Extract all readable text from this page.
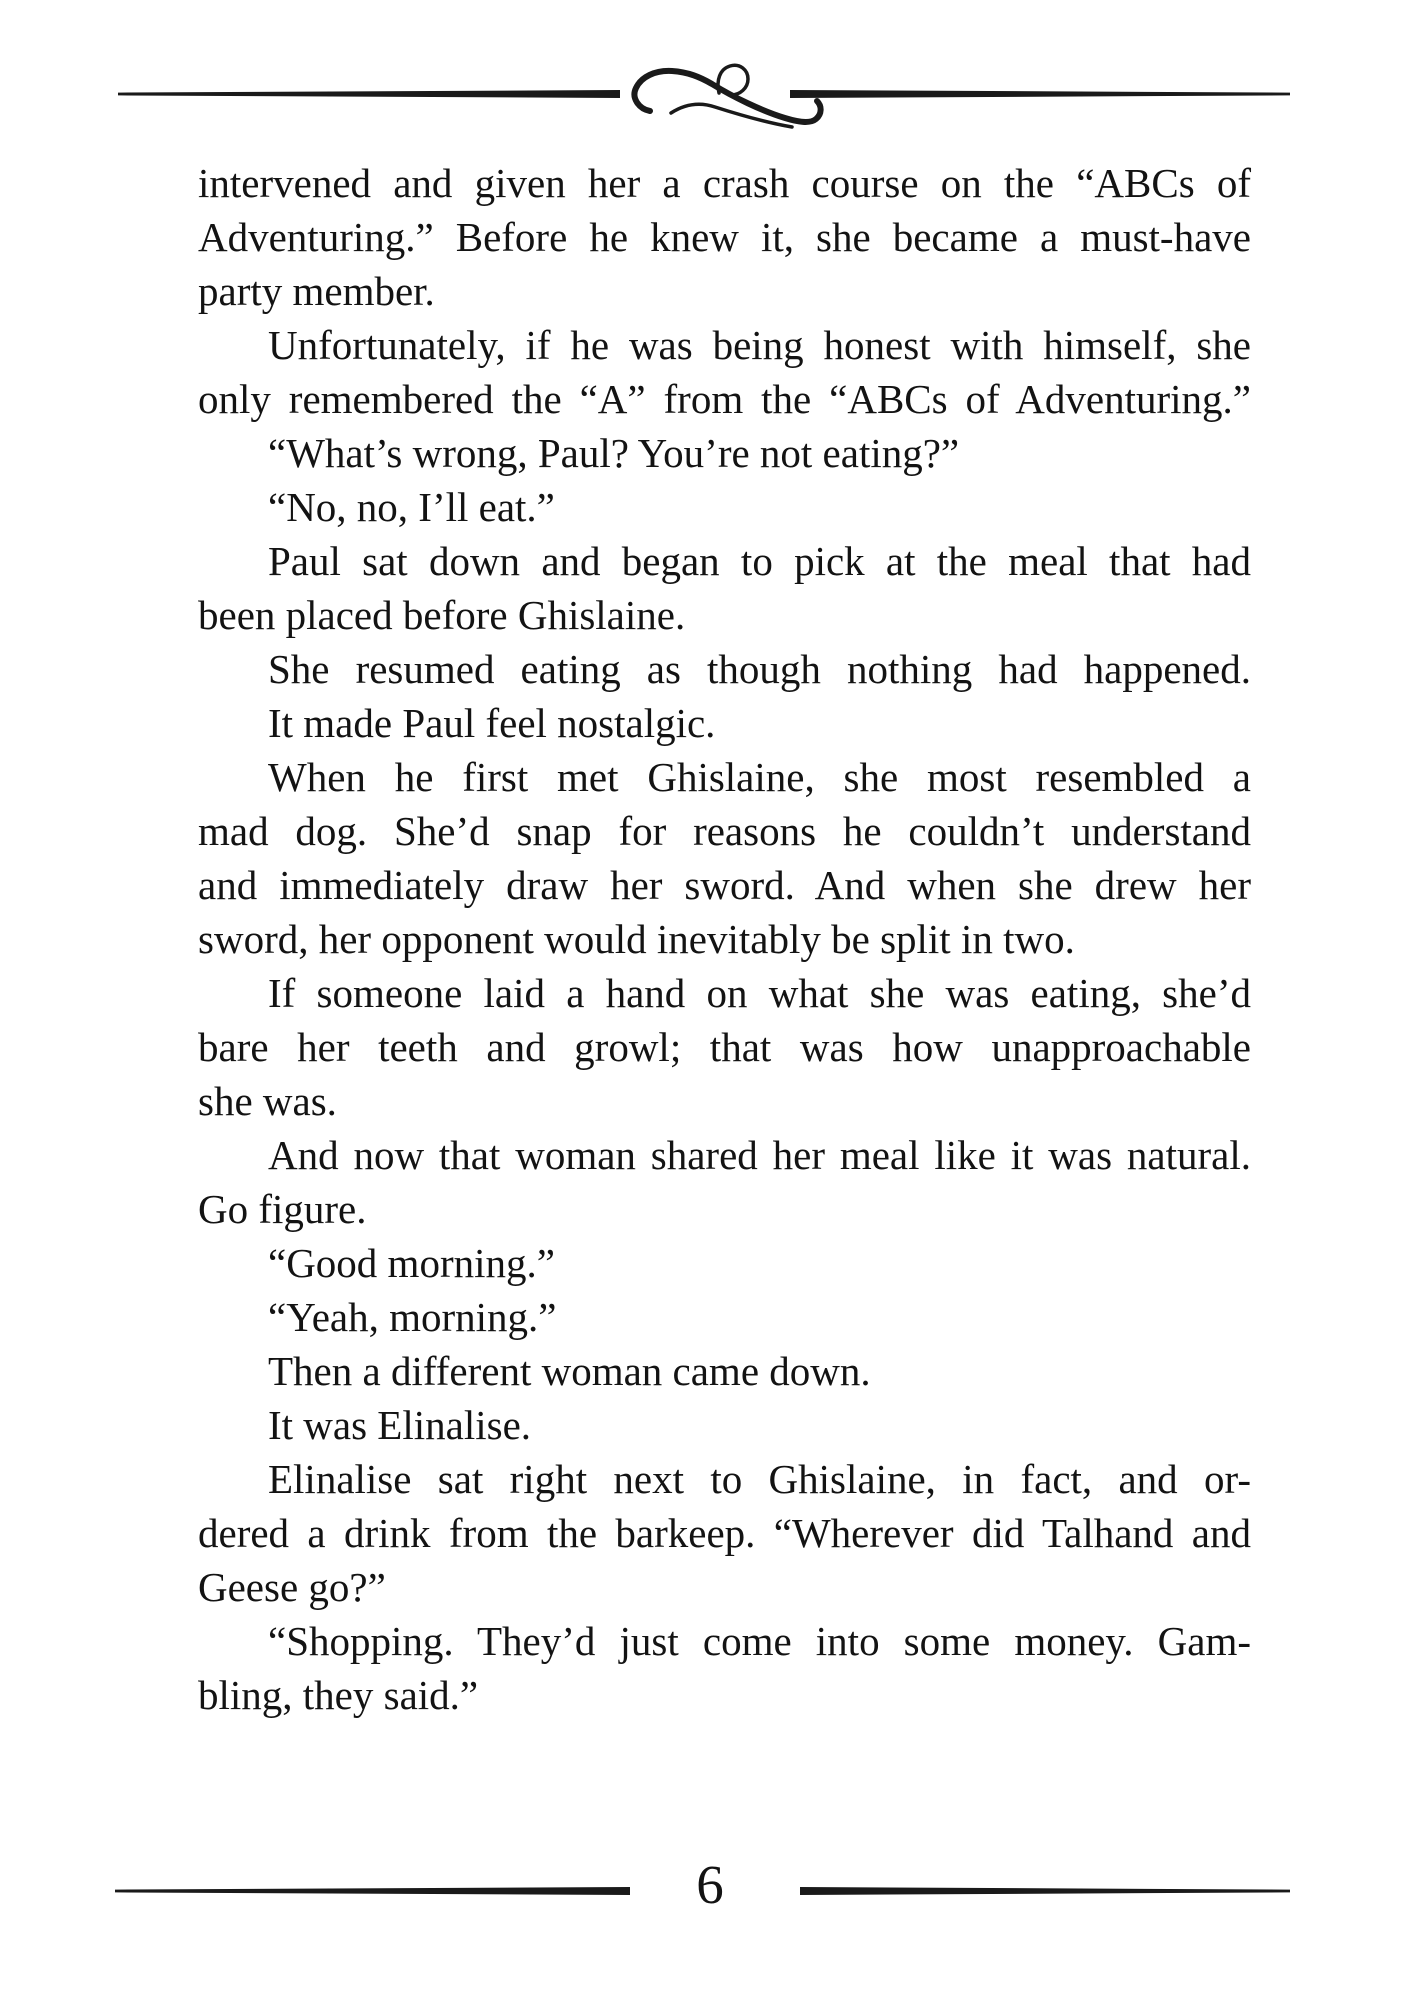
intervened and given her a crash course on the “ABCs of
Adventuring.” Before he knew it, she became a must-have
party member.
Unfortunately, if he was being honest with himself, she
only remembered the “A” from the “ABCs of Adventuring.”
“What’s wrong, Paul? You’re not eating?”
“No, no, I’ll eat.”
Paul sat down and began to pick at the meal that had
been placed before Ghislaine.
She resumed eating as though nothing had happened.
It made Paul feel nostalgic.
When he first met Ghislaine, she most resembled a
mad dog. She’d snap for reasons he couldn’t understand
and immediately draw her sword. And when she drew her
sword, her opponent would inevitably be split in two.
If someone laid a hand on what she was eating, she’d
bare her teeth and growl; that was how unapproachable
she was.
And now that woman shared her meal like it was natural.
Go figure.
“Good morning.”
“Yeah, morning.”
Then a different woman came down.
It was Elinalise.
Elinalise sat right next to Ghislaine, in fact, and or-
dered a drink from the barkeep. “Wherever did Talhand and
Geese go?”
“Shopping. They’d just come into some money. Gam-
bling, they said.”
6
